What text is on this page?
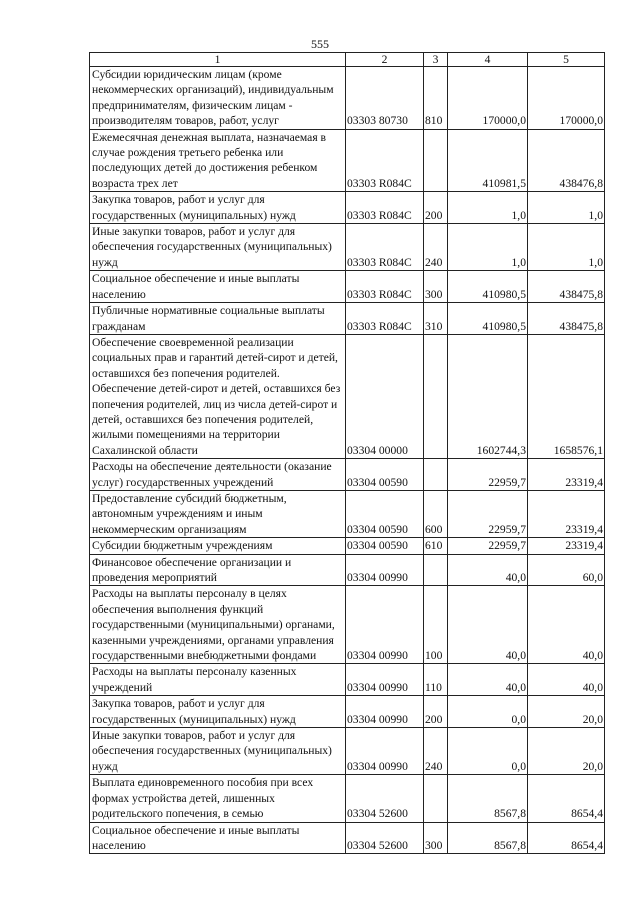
555
1	2	3	4	5
Субсидии юридическим лицам (кроме некоммерческих организаций), индивидуальным предпринимателям, физическим лицам - производителям товаров, работ, услуг	03303 80730	810	170000,0	170000,0
Ежемесячная денежная выплата, назначаемая в случае рождения третьего ребенка или последующих детей до достижения ребенком возраста трех лет	03303 R084C		410981,5	438476,8
Закупка товаров, работ и услуг для государственных (муниципальных) нужд	03303 R084C	200	1,0	1,0
Иные закупки товаров, работ и услуг для обеспечения государственных (муниципальных) нужд	03303 R084C	240	1,0	1,0
Социальное обеспечение и иные выплаты населению	03303 R084C	300	410980,5	438475,8
Публичные нормативные социальные выплаты гражданам	03303 R084C	310	410980,5	438475,8
Обеспечение своевременной реализации социальных прав и гарантий детей-сирот и детей, оставшихся без попечения родителей. Обеспечение детей-сирот и детей, оставшихся без попечения родителей, лиц из числа детей-сирот и детей, оставшихся без попечения родителей, жилыми помещениями на территории Сахалинской области	03304 00000		1602744,3	1658576,1
Расходы на обеспечение деятельности (оказание услуг) государственных учреждений	03304 00590		22959,7	23319,4
Предоставление субсидий бюджетным, автономным учреждениям и иным некоммерческим организациям	03304 00590	600	22959,7	23319,4
Субсидии бюджетным учреждениям	03304 00590	610	22959,7	23319,4
Финансовое обеспечение организации и проведения мероприятий	03304 00990		40,0	60,0
Расходы на выплаты персоналу в целях обеспечения выполнения функций государственными (муниципальными) органами, казенными учреждениями, органами управления государственными внебюджетными фондами	03304 00990	100	40,0	40,0
Расходы на выплаты персоналу казенных учреждений	03304 00990	110	40,0	40,0
Закупка товаров, работ и услуг для государственных (муниципальных) нужд	03304 00990	200	0,0	20,0
Иные закупки товаров, работ и услуг для обеспечения государственных (муниципальных) нужд	03304 00990	240	0,0	20,0
Выплата единовременного пособия при всех формах устройства детей, лишенных родительского попечения, в семью	03304 52600		8567,8	8654,4
Социальное обеспечение и иные выплаты населению	03304 52600	300	8567,8	8654,4
